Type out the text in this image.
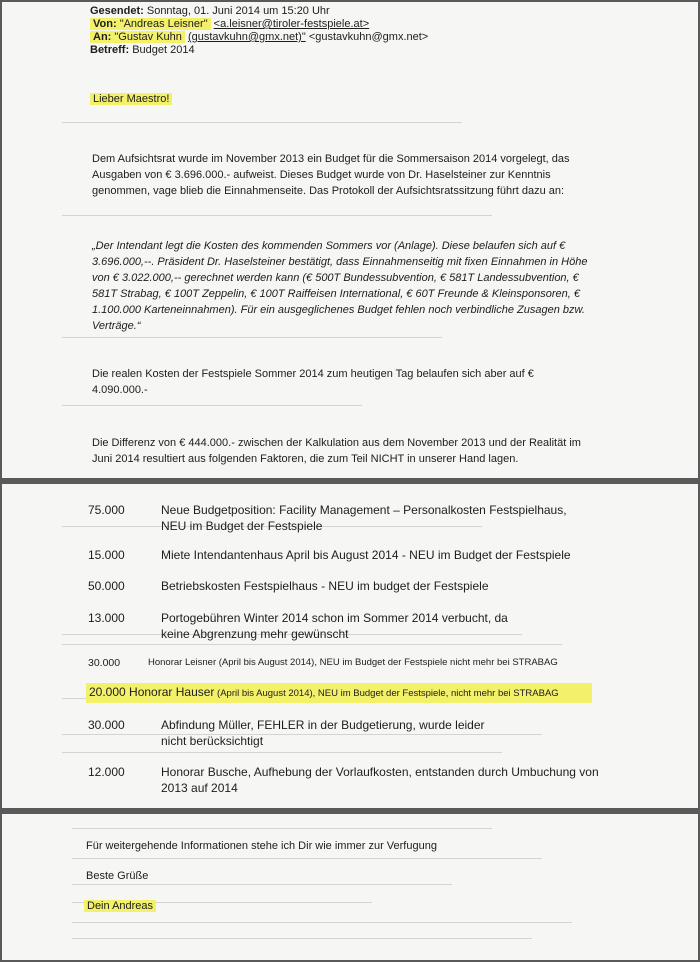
Gesendet: Sonntag, 01. Juni 2014 um 15:20 Uhr
Von: "Andreas Leisner" <a.leisner@tiroler-festspiele.at>
An: "Gustav Kuhn (gustavkuhn@gmx.net)" <gustavkuhn@gmx.net>
Betreff: Budget 2014
Lieber Maestro!
Dem Aufsichtsrat wurde im November 2013 ein Budget für die Sommersaison 2014 vorgelegt, das Ausgaben von € 3.696.000.- aufweist. Dieses Budget wurde von Dr. Haselsteiner zur Kenntnis genommen, vage blieb die Einnahmenseite. Das Protokoll der Aufsichtsratssitzung führt dazu an:
„Der Intendant legt die Kosten des kommenden Sommers vor (Anlage). Diese belaufen sich auf € 3.696.000,--. Präsident Dr. Haselsteiner bestätigt, dass Einnahmenseitig mit fixen Einnahmen in Höhe von € 3.022.000,-- gerechnet werden kann (€ 500T Bundessubvention, € 581T Landessubvention, € 581T Strabag, € 100T Zeppelin, € 100T Raiffeisen International, € 60T Freunde & Kleinsponsoren, € 1.100.000 Karteneinnahmen). Für ein ausgeglichenes Budget fehlen noch verbindliche Zusagen bzw. Verträge.“
Die realen Kosten der Festspiele Sommer 2014 zum heutigen Tag belaufen sich aber auf € 4.090.000.-
Die Differenz von € 444.000.- zwischen der Kalkulation aus dem November 2013 und der Realität im Juni 2014 resultiert aus folgenden Faktoren, die zum Teil NICHT in unserer Hand lagen.
75.000	Neue Budgetposition: Facility Management – Personalkosten Festspielhaus, NEU im Budget der Festspiele
15.000	Miete Intendantenhaus April bis August 2014 - NEU im Budget der Festspiele
50.000	Betriebskosten Festspielhaus - NEU im budget der Festspiele
13.000	Portogebühren Winter 2014 schon im Sommer 2014 verbucht, da keine Abgrenzung mehr gewünscht
30.000	Honorar Leisner (April bis August 2014), NEU im Budget der Festspiele nicht mehr bei STRABAG
20.000 Honorar Hauser (April bis August 2014), NEU im Budget der Festspiele, nicht mehr bei STRABAG
30.000	Abfindung Müller, FEHLER in der Budgetierung, wurde leider nicht berücksichtigt
12.000	Honorar Busche, Aufhebung der Vorlaufkosten, entstanden durch Umbuchung von 2013 auf 2014
Für weitergehende Informationen stehe ich Dir wie immer zur Verfugung
Beste Grüße
Dein Andreas
